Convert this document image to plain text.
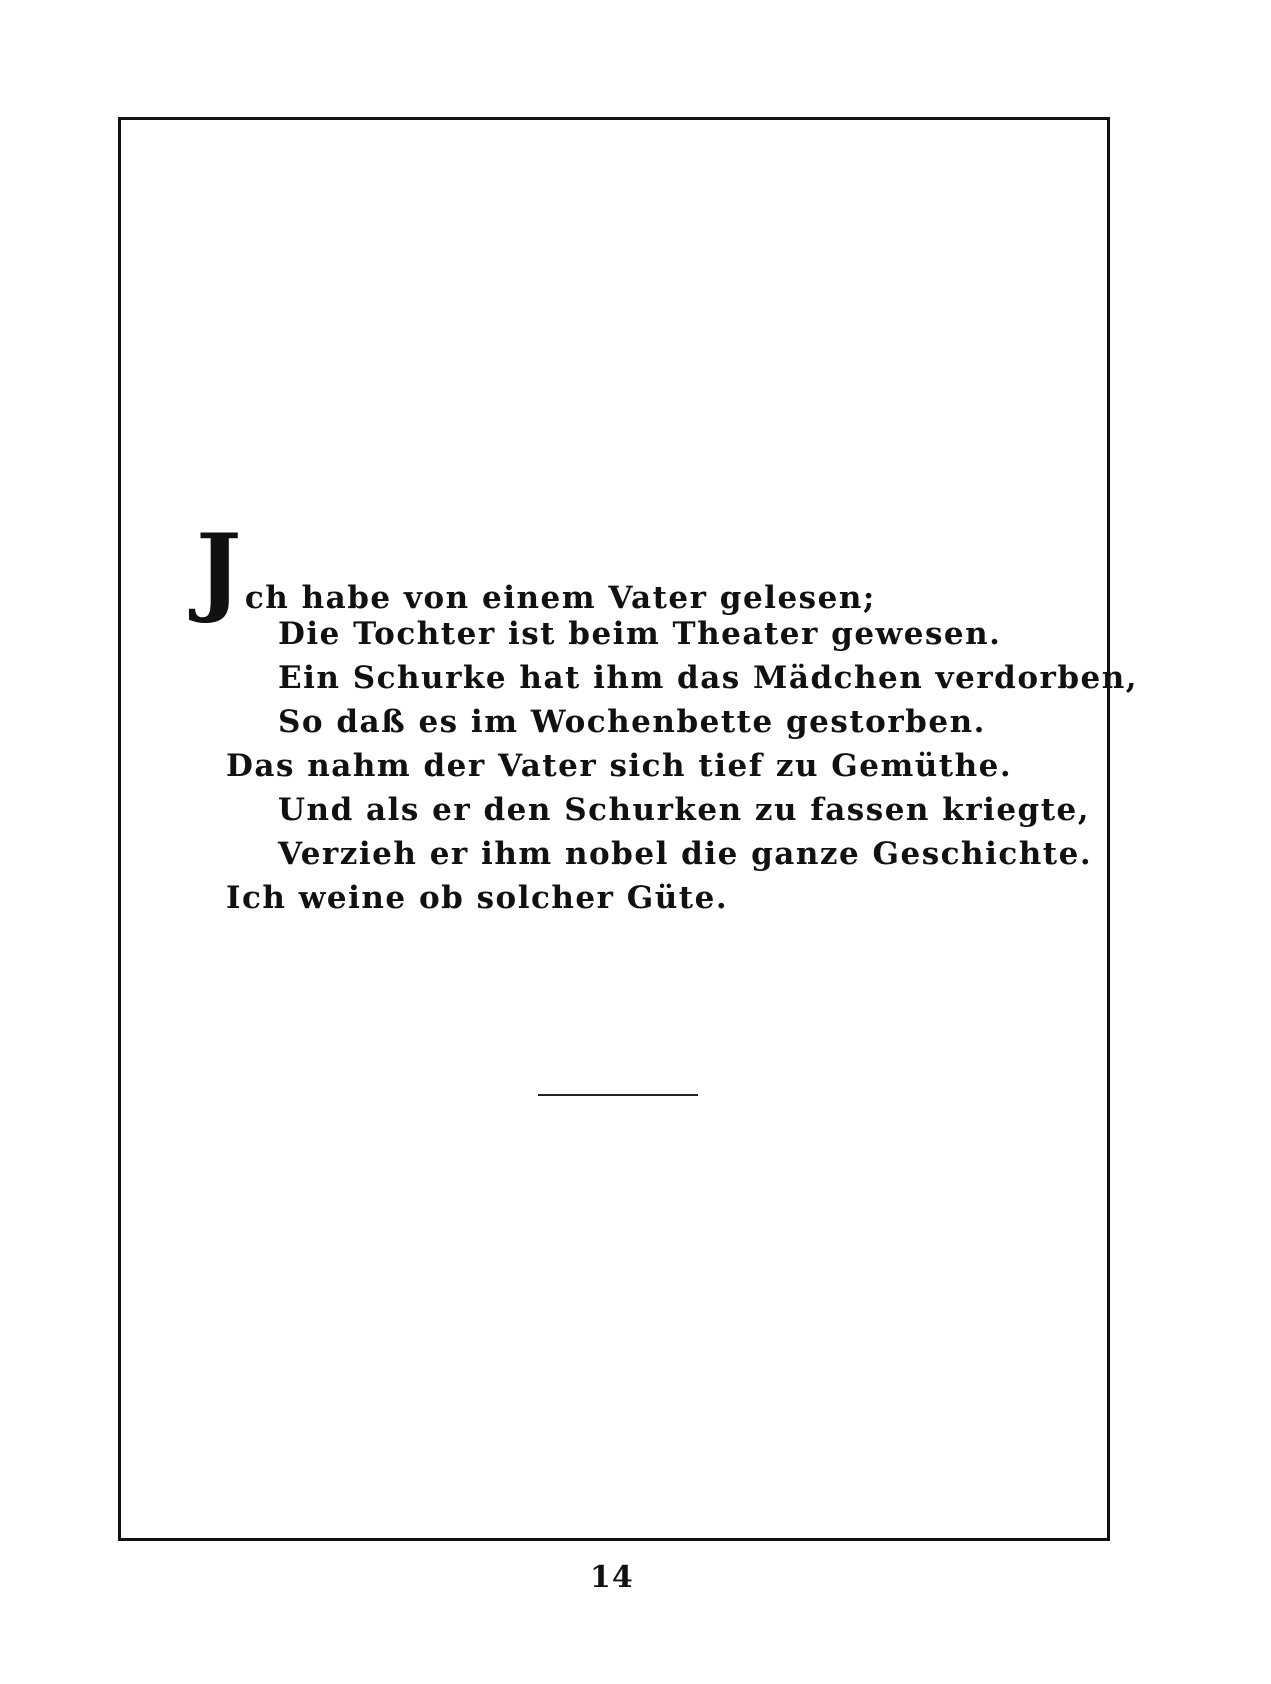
J ch habe von einem Vater gelesen;
Die Tochter ist beim Theater gewesen.
Ein Schurke hat ihm das Mädchen verdorben,
So daß es im Wochenbette gestorben.
Das nahm der Vater sich tief zu Gemüthe.
Und als er den Schurken zu fassen kriegte,
Verzieh er ihm nobel die ganze Geschichte.
Ich weine ob solcher Güte.
14
